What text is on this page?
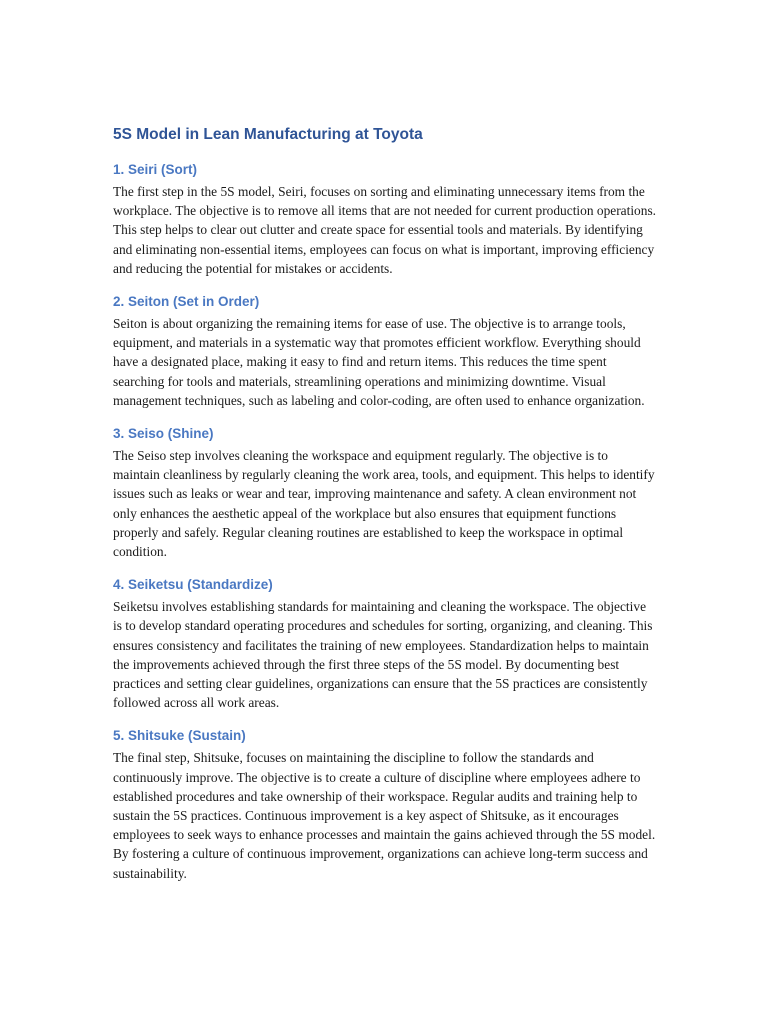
5S Model in Lean Manufacturing at Toyota
1. Seiri (Sort)

The first step in the 5S model, Seiri, focuses on sorting and eliminating unnecessary items from the workplace. The objective is to remove all items that are not needed for current production operations. This step helps to clear out clutter and create space for essential tools and materials. By identifying and eliminating non-essential items, employees can focus on what is important, improving efficiency and reducing the potential for mistakes or accidents.

2. Seiton (Set in Order)

Seiton is about organizing the remaining items for ease of use. The objective is to arrange tools, equipment, and materials in a systematic way that promotes efficient workflow. Everything should have a designated place, making it easy to find and return items. This reduces the time spent searching for tools and materials, streamlining operations and minimizing downtime. Visual management techniques, such as labeling and color-coding, are often used to enhance organization.

3. Seiso (Shine)

The Seiso step involves cleaning the workspace and equipment regularly. The objective is to maintain cleanliness by regularly cleaning the work area, tools, and equipment. This helps to identify issues such as leaks or wear and tear, improving maintenance and safety. A clean environment not only enhances the aesthetic appeal of the workplace but also ensures that equipment functions properly and safely. Regular cleaning routines are established to keep the workspace in optimal condition.

4. Seiketsu (Standardize)

Seiketsu involves establishing standards for maintaining and cleaning the workspace. The objective is to develop standard operating procedures and schedules for sorting, organizing, and cleaning. This ensures consistency and facilitates the training of new employees. Standardization helps to maintain the improvements achieved through the first three steps of the 5S model. By documenting best practices and setting clear guidelines, organizations can ensure that the 5S practices are consistently followed across all work areas.

5. Shitsuke (Sustain)

The final step, Shitsuke, focuses on maintaining the discipline to follow the standards and continuously improve. The objective is to create a culture of discipline where employees adhere to established procedures and take ownership of their workspace. Regular audits and training help to sustain the 5S practices. Continuous improvement is a key aspect of Shitsuke, as it encourages employees to seek ways to enhance processes and maintain the gains achieved through the 5S model. By fostering a culture of continuous improvement, organizations can achieve long-term success and sustainability.
